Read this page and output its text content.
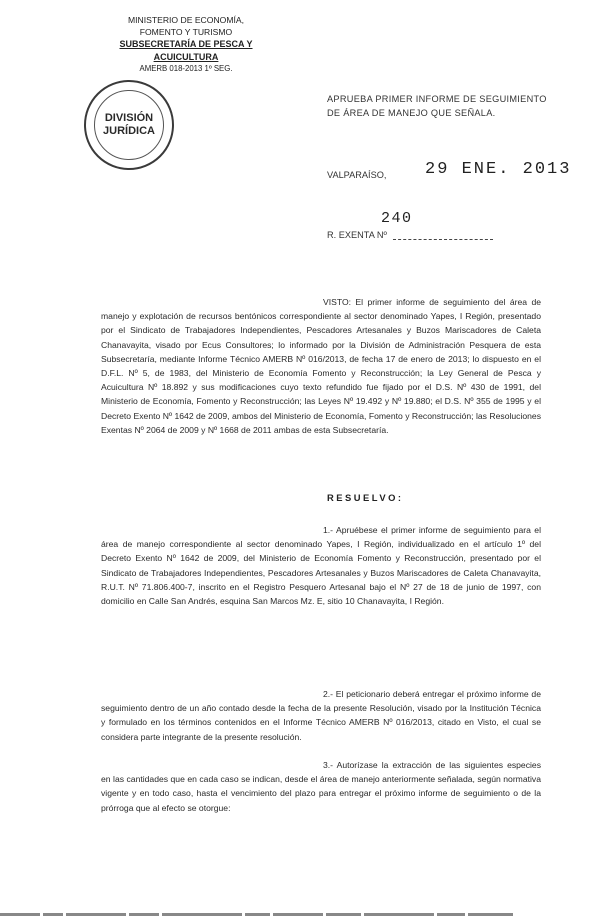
MINISTERIO DE ECONOMÍA,
FOMENTO Y TURISMO
SUBSECRETARÍA DE PESCA Y ACUICULTURA
AMERB 018-2013 1º SEG.
DIVISIÓN
JURÍDICA
APRUEBA PRIMER INFORME DE SEGUIMIENTO DE ÁREA DE MANEJO QUE SEÑALA.
VALPARAÍSO, 29 ENE. 2013
240
R. EXENTA Nº

VISTO: El primer informe de seguimiento del área de manejo y explotación de recursos bentónicos correspondiente al sector denominado Yapes, I Región, presentado por el Sindicato de Trabajadores Independientes, Pescadores Artesanales y Buzos Mariscadores de Caleta Chanavayita, visado por Ecus Consultores; lo informado por la División de Administración Pesquera de esta Subsecretaría, mediante Informe Técnico AMERB Nº 016/2013, de fecha 17 de enero de 2013; lo dispuesto en el D.F.L. Nº 5, de 1983, del Ministerio de Economía Fomento y Reconstrucción; la Ley General de Pesca y Acuicultura Nº 18.892 y sus modificaciones cuyo texto refundido fue fijado por el D.S. Nº 430 de 1991, del Ministerio de Economía, Fomento y Reconstrucción; las Leyes Nº 19.492 y Nº 19.880; el D.S. Nº 355 de 1995 y el Decreto Exento Nº 1642 de 2009, ambos del Ministerio de Economía, Fomento y Reconstrucción; las Resoluciones Exentas Nº 2064 de 2009 y Nº 1668 de 2011 ambas de esta Subsecretaría.

RESUELVO:

1.- Apruébese el primer informe de seguimiento para el área de manejo correspondiente al sector denominado Yapes, I Región, individualizado en el artículo 1º del Decreto Exento Nº 1642 de 2009, del Ministerio de Economía Fomento y Reconstrucción, presentado por el Sindicato de Trabajadores Independientes, Pescadores Artesanales y Buzos Mariscadores de Caleta Chanavayita, R.U.T. Nº 71.806.400-7, inscrito en el Registro Pesquero Artesanal bajo el Nº 27 de 18 de junio de 1997, con domicilio en Calle San Andrés, esquina San Marcos Mz. E, sitio 10 Chanavayita, I Región.

2.- El peticionario deberá entregar el próximo informe de seguimiento dentro de un año contado desde la fecha de la presente Resolución, visado por la Institución Técnica y formulado en los términos contenidos en el Informe Técnico AMERB Nº 016/2013, citado en Visto, el cual se considera parte integrante de la presente resolución.

3.- Autorízase la extracción de las siguientes especies en las cantidades que en cada caso se indican, desde el área de manejo anteriormente señalada, según normativa vigente y en todo caso, hasta el vencimiento del plazo para entregar el próximo informe de seguimiento o de la prórroga que al efecto se otorgue:
